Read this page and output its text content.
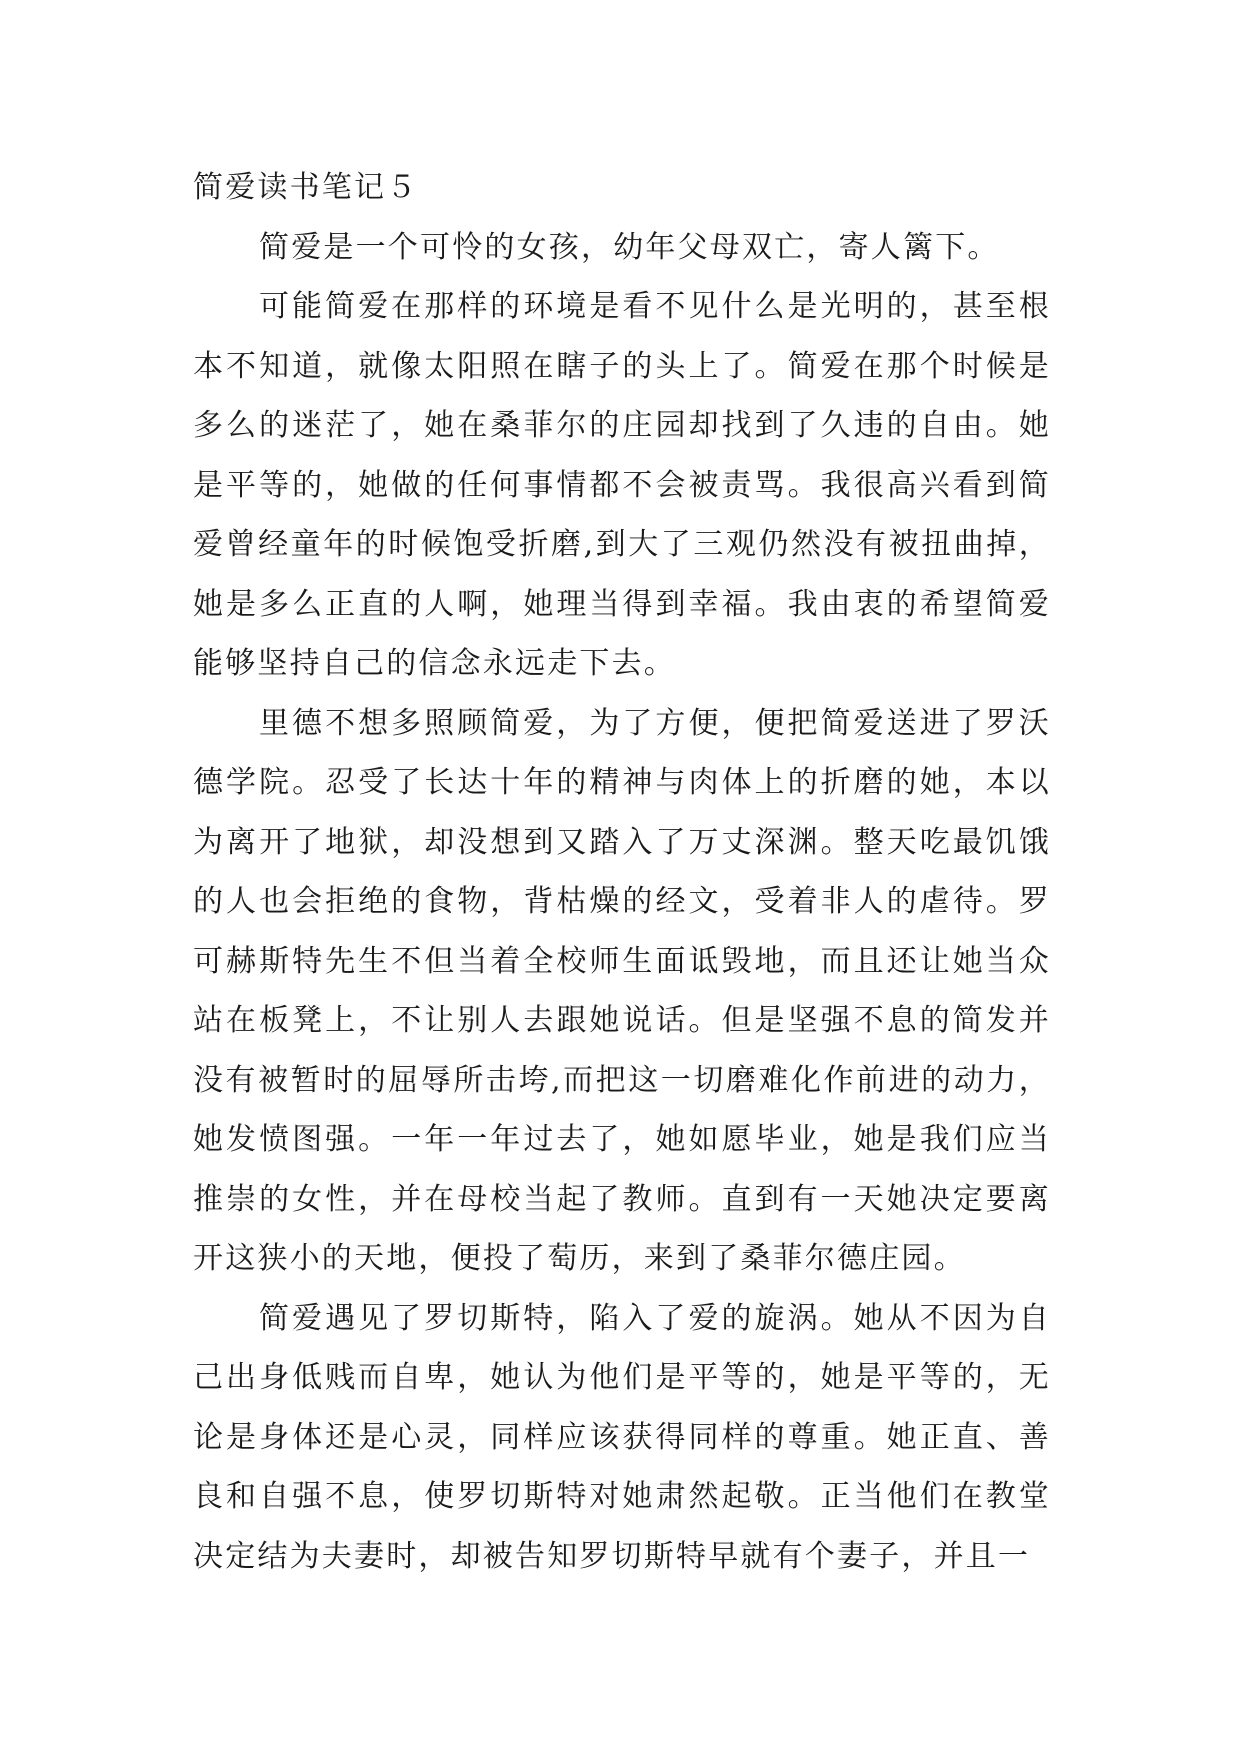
简爱读书笔记５

简爱是一个可怜的女孩，幼年父母双亡，寄人篱下。

可能简爱在那样的环境是看不见什么是光明的，甚至根本不知道，就像太阳照在瞎子的头上了。简爱在那个时候是多么的迷茫了，她在桑菲尔的庄园却找到了久违的自由。她是平等的，她做的任何事情都不会被责骂。我很高兴看到简爱曾经童年的时候饱受折磨,到大了三观仍然没有被扭曲掉，她是多么正直的人啊，她理当得到幸福。我由衷的希望简爱能够坚持自己的信念永远走下去。

里德不想多照顾简爱，为了方便，便把简爱送进了罗沃德学院。忍受了长达十年的精神与肉体上的折磨的她，本以为离开了地狱，却没想到又踏入了万丈深渊。整天吃最饥饿的人也会拒绝的食物，背枯燥的经文，受着非人的虐待。罗可赫斯特先生不但当着全校师生面诋毁地，而且还让她当众站在板凳上，不让别人去跟她说话。但是坚强不息的简发并没有被暂时的屈辱所击垮,而把这一切磨难化作前进的动力，她发愤图强。一年一年过去了，她如愿毕业，她是我们应当推崇的女性，并在母校当起了教师。直到有一天她决定要离开这狭小的天地，便投了萄历，来到了桑菲尔德庄园。

简爱遇见了罗切斯特，陷入了爱的旋涡。她从不因为自己出身低贱而自卑，她认为他们是平等的，她是平等的，无论是身体还是心灵，同样应该获得同样的尊重。她正直、善良和自强不息，使罗切斯特对她肃然起敬。正当他们在教堂决定结为夫妻时，却被告知罗切斯特早就有个妻子，并且一
